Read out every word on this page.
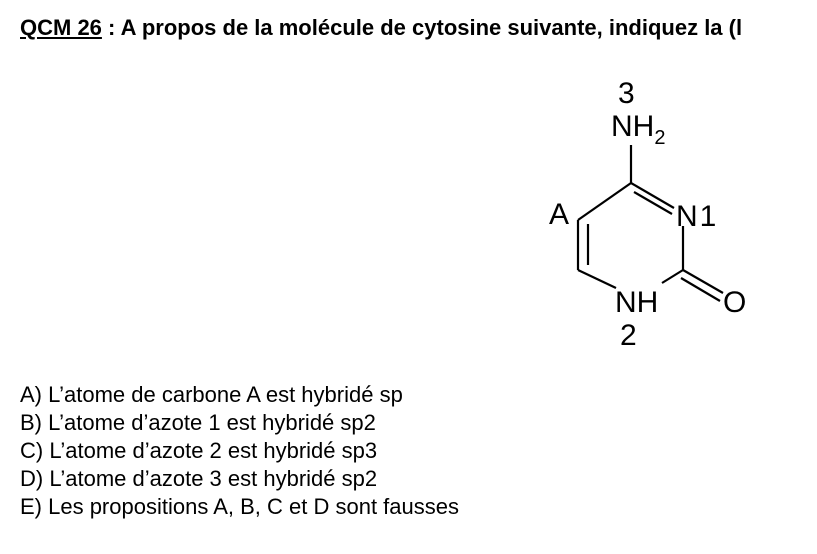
QCM 26 : A propos de la molécule de cytosine suivante, indiquez la (l
3
$NH_2$
A	N1
NH
2
O
A) L’atome de carbone A est hybridé sp
B) L’atome d’azote 1 est hybridé sp2
C) L’atome d’azote 2 est hybridé sp3
D) L’atome d’azote 3 est hybridé sp2
E) Les propositions A, B, C et D sont fausses
